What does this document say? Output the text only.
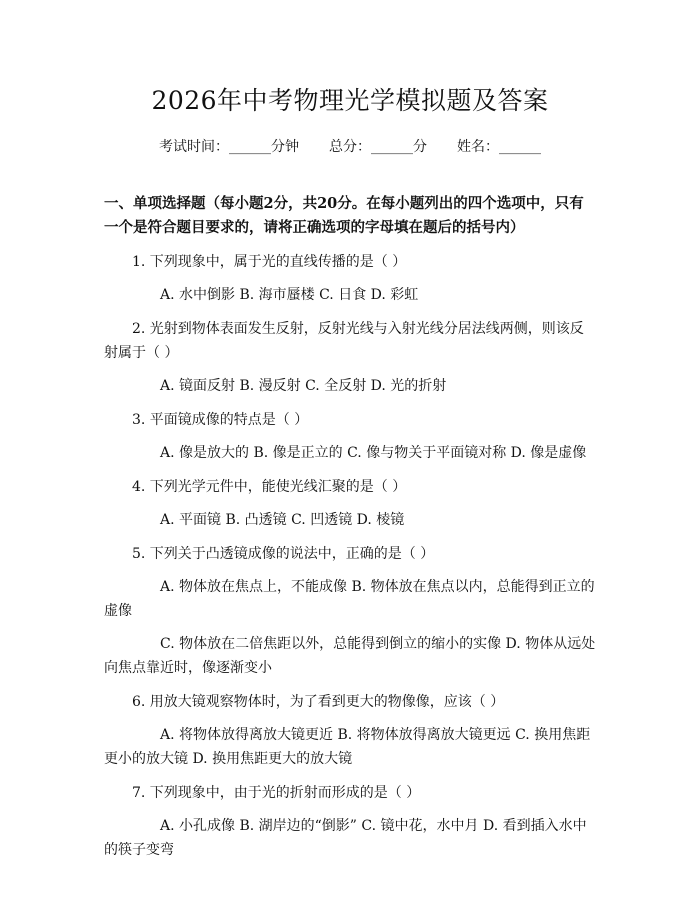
2026年中考物理光学模拟题及答案
考试时间：______分钟 总分：______分 姓名：______
一、单项选择题（每小题2分，共20分。在每小题列出的四个选项中，只有一个是符合题目要求的，请将正确选项的字母填在题后的括号内）
1. 下列现象中，属于光的直线传播的是（ ）
A. 水中倒影 B. 海市蜃楼 C. 日食 D. 彩虹
2. 光射到物体表面发生反射，反射光线与入射光线分居法线两侧，则该反射属于（ ）
A. 镜面反射 B. 漫反射 C. 全反射 D. 光的折射
3. 平面镜成像的特点是（ ）
A. 像是放大的 B. 像是正立的 C. 像与物关于平面镜对称 D. 像是虚像
4. 下列光学元件中，能使光线汇聚的是（ ）
A. 平面镜 B. 凸透镜 C. 凹透镜 D. 棱镜
5. 下列关于凸透镜成像的说法中，正确的是（ ）
A. 物体放在焦点上，不能成像 B. 物体放在焦点以内，总能得到正立的虚像
C. 物体放在二倍焦距以外，总能得到倒立的缩小的实像 D. 物体从远处向焦点靠近时，像逐渐变小
6. 用放大镜观察物体时，为了看到更大的物像像，应该（ ）
A. 将物体放得离放大镜更近 B. 将物体放得离放大镜更远 C. 换用焦距更小的放大镜 D. 换用焦距更大的放大镜
7. 下列现象中，由于光的折射而形成的是（ ）
A. 小孔成像 B. 湖岸边的“倒影” C. 镜中花，水中月 D. 看到插入水中的筷子变弯
